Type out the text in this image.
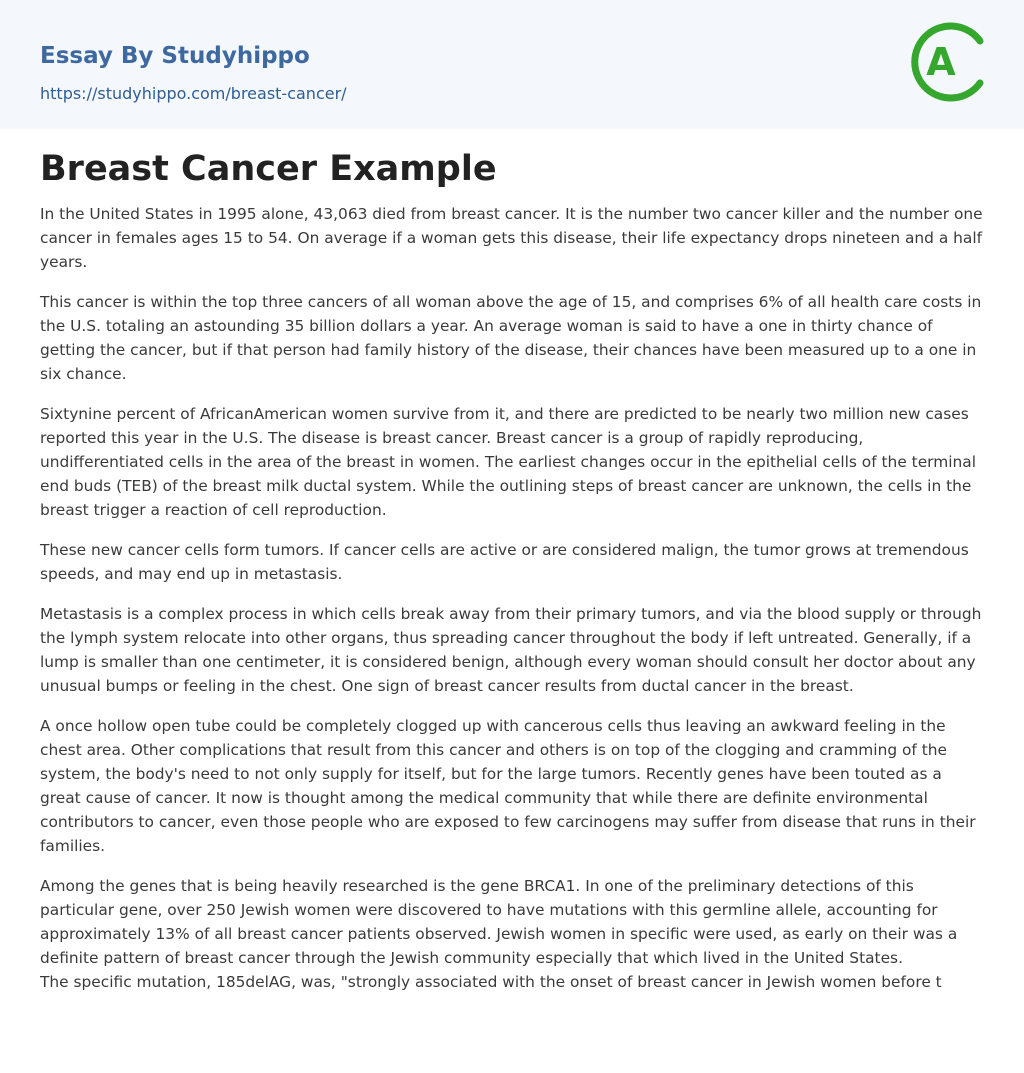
Essay By Studyhippo
https://studyhippo.com/breast-cancer/
A
Breast Cancer Example

In the United States in 1995 alone, 43,063 died from breast cancer. It is the number two cancer killer and the number one cancer in females ages 15 to 54. On average if a woman gets this disease, their life expectancy drops nineteen and a half years.

This cancer is within the top three cancers of all woman above the age of 15, and comprises 6% of all health care costs in the U.S. totaling an astounding 35 billion dollars a year. An average woman is said to have a one in thirty chance of getting the cancer, but if that person had family history of the disease, their chances have been measured up to a one in six chance.

Sixtynine percent of AfricanAmerican women survive from it, and there are predicted to be nearly two million new cases reported this year in the U.S. The disease is breast cancer. Breast cancer is a group of rapidly reproducing, undifferentiated cells in the area of the breast in women. The earliest changes occur in the epithelial cells of the terminal end buds (TEB) of the breast milk ductal system. While the outlining steps of breast cancer are unknown, the cells in the breast trigger a reaction of cell reproduction.

These new cancer cells form tumors. If cancer cells are active or are considered malign, the tumor grows at tremendous speeds, and may end up in metastasis.

Metastasis is a complex process in which cells break away from their primary tumors, and via the blood supply or through the lymph system relocate into other organs, thus spreading cancer throughout the body if left untreated. Generally, if a lump is smaller than one centimeter, it is considered benign, although every woman should consult her doctor about any unusual bumps or feeling in the chest. One sign of breast cancer results from ductal cancer in the breast.

A once hollow open tube could be completely clogged up with cancerous cells thus leaving an awkward feeling in the chest area. Other complications that result from this cancer and others is on top of the clogging and cramming of the system, the body's need to not only supply for itself, but for the large tumors. Recently genes have been touted as a great cause of cancer. It now is thought among the medical community that while there are definite environmental contributors to cancer, even those people who are exposed to few carcinogens may suffer from disease that runs in their families.

Among the genes that is being heavily researched is the gene BRCA1. In one of the preliminary detections of this particular gene, over 250 Jewish women were discovered to have mutations with this germline allele, accounting for approximately 13% of all breast cancer patients observed. Jewish women in specific were used, as early on their was a definite pattern of breast cancer through the Jewish community especially that which lived in the United States.
The specific mutation, 185delAG, was, "strongly associated with the onset of breast cancer in Jewish women before t
